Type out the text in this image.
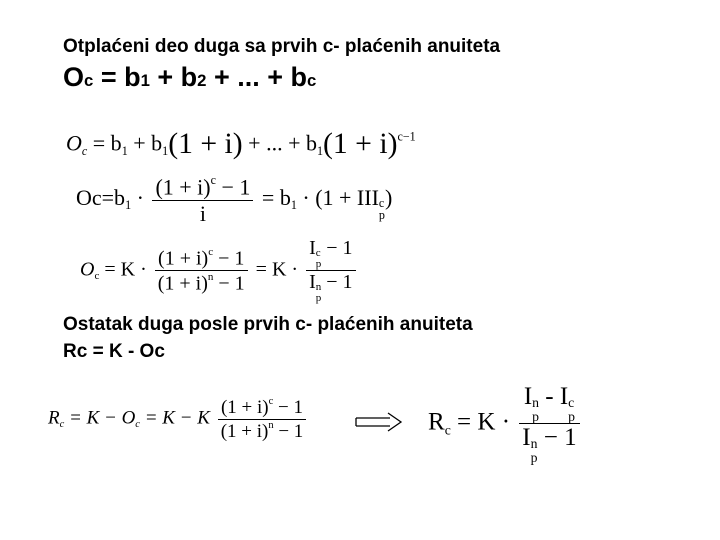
Otplaćeni deo duga sa prvih c- plaćenih anuiteta
Oc = b1 + b2 + ... + bc
$O_c = b_1 + b_1(1 + i)$ + ... + $b_1(1 + i)^{c-1}$
$Oc=b_1 \cdot \frac{(1 + i)^c - 1}{i} = b_1 \cdot (1$ + III c
p
)
$O_c = K \cdot \frac{(1 + i)^c - 1}{(1 + i)^n - 1} = K \cdot I$ c
p
− 1
I n
p
− 1
Ostatak duga posle prvih c- plaćenih anuiteta
Rc = K - Oc
$R_c = K - O_c = K - K \frac{(1 + i)^c - 1}{(1 + i)^n - 1}$	$R_c = K \cdot I$ n
p
- I c
p
I n
p
− 1
